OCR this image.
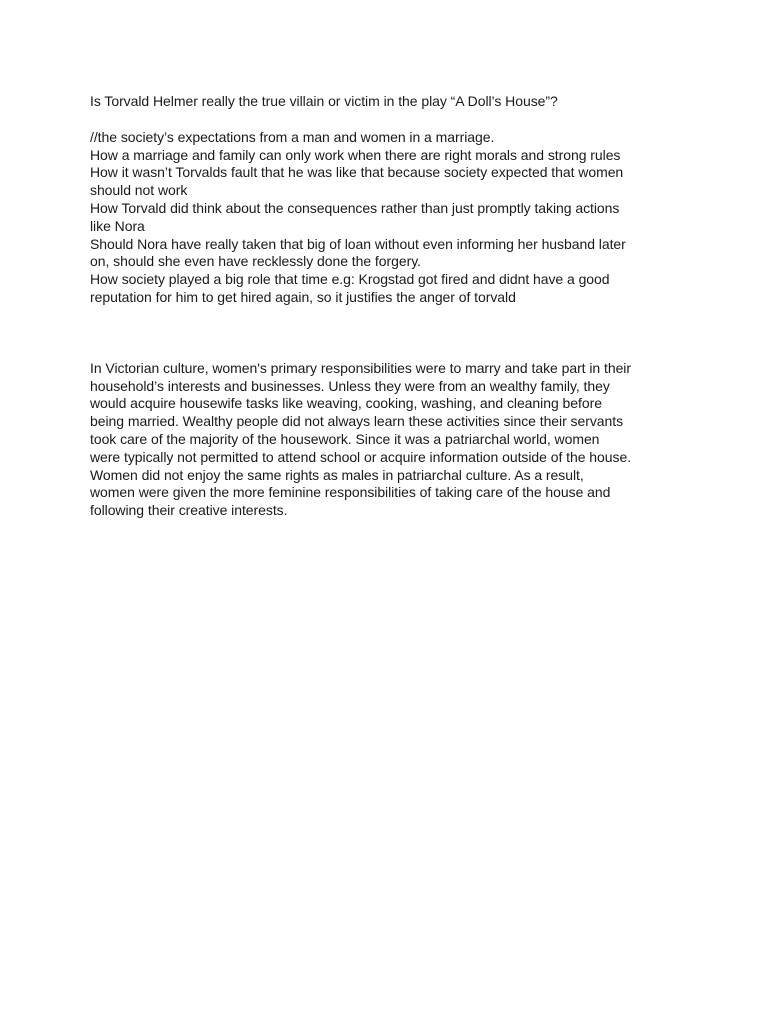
Is Torvald Helmer really the true villain or victim in the play “A Doll’s House”?
//the society’s expectations from a man and women in a marriage.
How a marriage and family can only work when there are right morals and strong rules
How it wasn’t Torvalds fault that he was like that because society expected that women
should not work
How Torvald did think about the consequences rather than just promptly taking actions
like Nora
Should Nora have really taken that big of loan without even informing her husband later
on, should she even have recklessly done the forgery.
How society played a big role that time e.g: Krogstad got fired and didnt have a good
reputation for him to get hired again, so it justifies the anger of torvald
In Victorian culture, women's primary responsibilities were to marry and take part in their
household’s interests and businesses. Unless they were from an wealthy family, they
would acquire housewife tasks like weaving, cooking, washing, and cleaning before
being married. Wealthy people did not always learn these activities since their servants
took care of the majority of the housework. Since it was a patriarchal world, women
were typically not permitted to attend school or acquire information outside of the house.
Women did not enjoy the same rights as males in patriarchal culture. As a result,
women were given the more feminine responsibilities of taking care of the house and
following their creative interests.
